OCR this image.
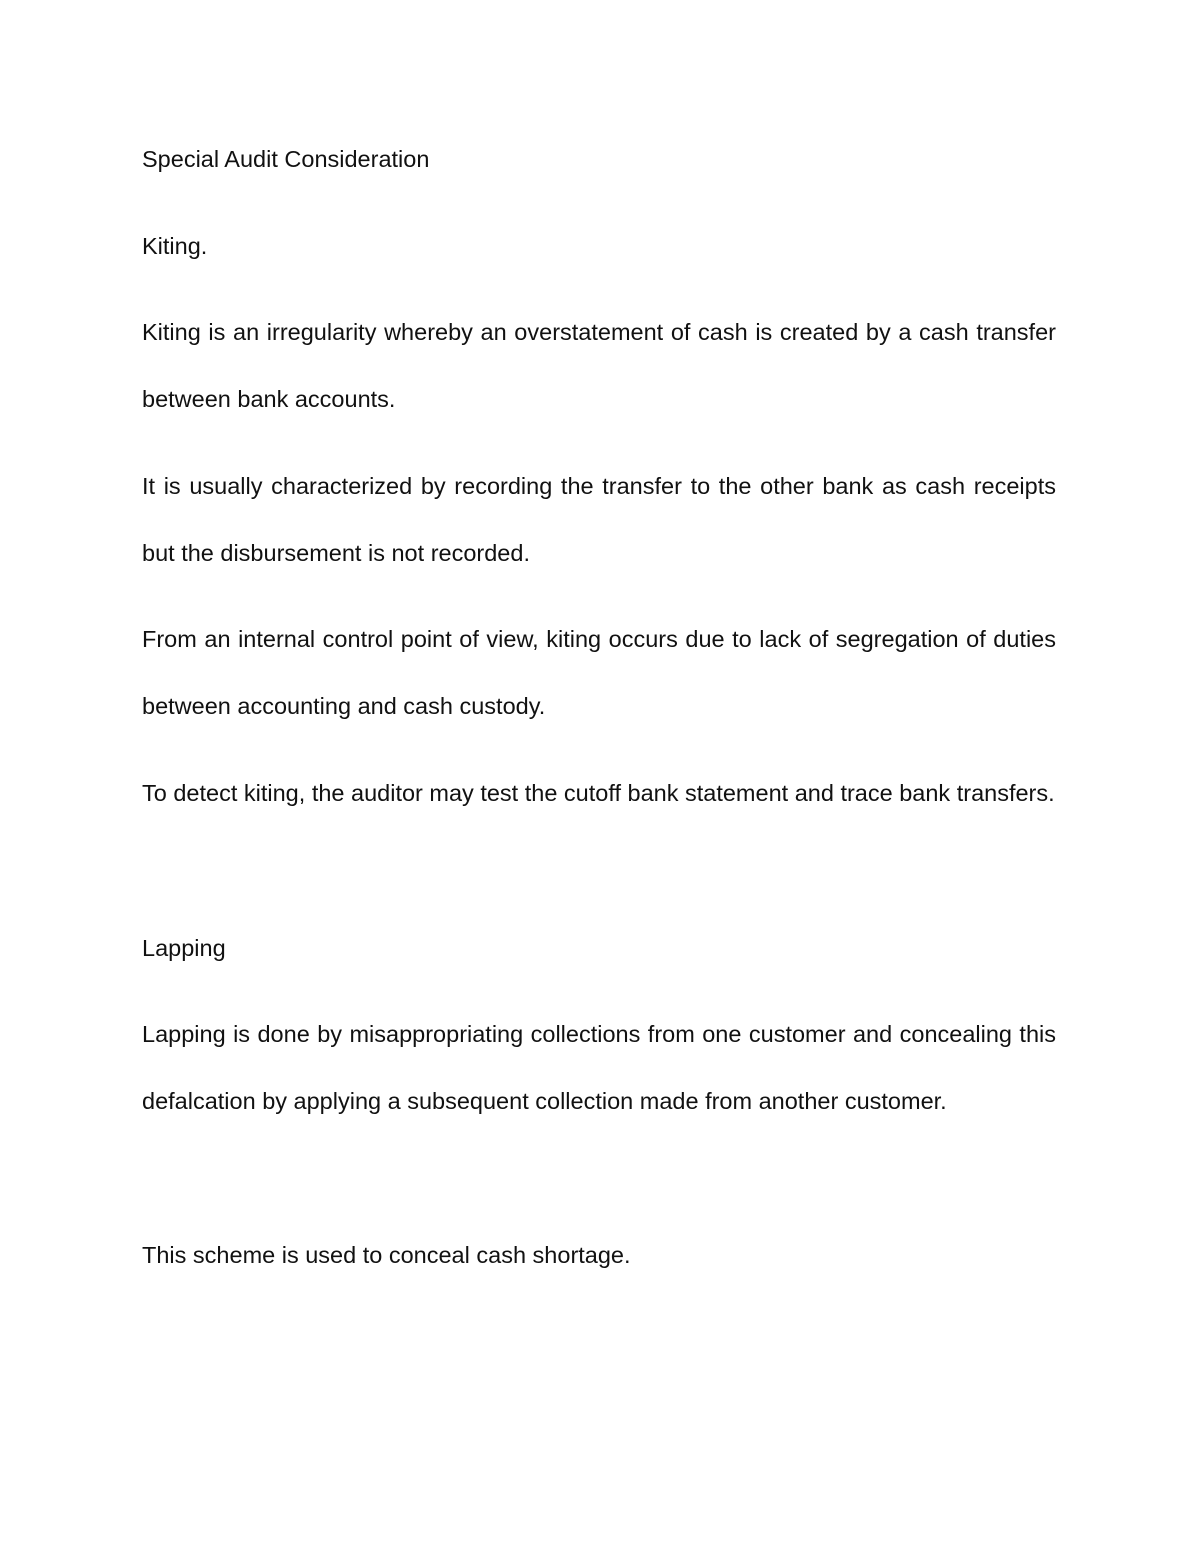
Special Audit Consideration

Kiting.

Kiting is an irregularity whereby an overstatement of cash is created by a cash transfer between bank accounts.

It is usually characterized by recording the transfer to the other bank as cash receipts but the disbursement is not recorded.

From an internal control point of view, kiting occurs due to lack of segregation of duties between accounting and cash custody.

To detect kiting, the auditor may test the cutoff bank statement and trace bank transfers.

Lapping

Lapping is done by misappropriating collections from one customer and concealing this defalcation by applying a subsequent collection made from another customer.

This scheme is used to conceal cash shortage.
